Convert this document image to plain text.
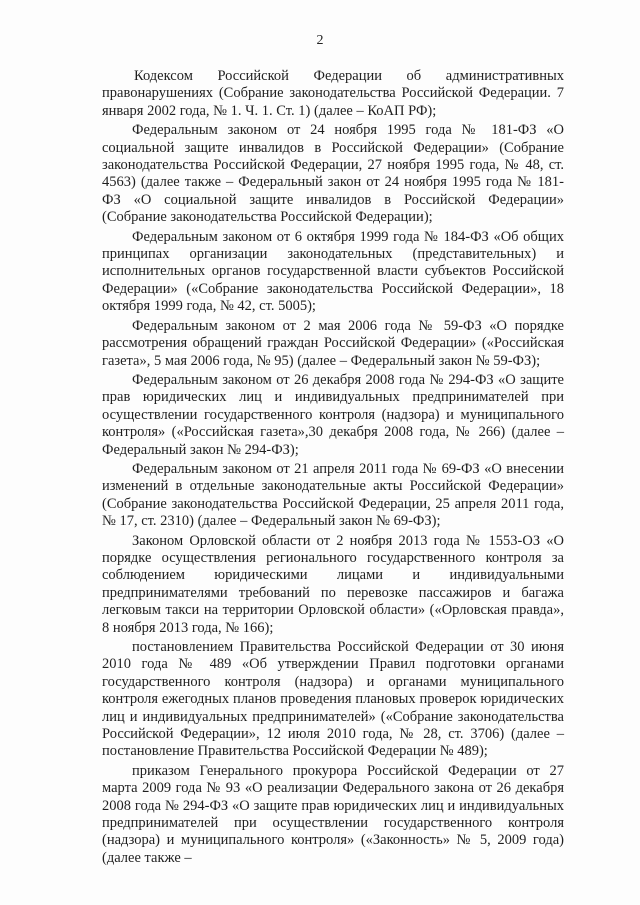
2

Кодексом Российской Федерации об административных правонарушениях (Собрание законодательства Российской Федерации. 7 января 2002 года, № 1. Ч. 1. Ст. 1) (далее – КоАП РФ);

Федеральным законом от 24 ноября 1995 года № 181-ФЗ «О социальной защите инвалидов в Российской Федерации» (Собрание законодательства Российской Федерации, 27 ноября 1995 года, № 48, ст. 4563) (далее также – Федеральный закон от 24 ноября 1995 года № 181-ФЗ «О социальной защите инвалидов в Российской Федерации» (Собрание законодательства Российской Федерации);

Федеральным законом от 6 октября 1999 года № 184-ФЗ «Об общих принципах организации законодательных (представительных) и исполнительных органов государственной власти субъектов Российской Федерации» («Собрание законодательства Российской Федерации», 18 октября 1999 года, № 42, ст. 5005);

Федеральным законом от 2 мая 2006 года № 59-ФЗ «О порядке рассмотрения обращений граждан Российской Федерации» («Российская газета», 5 мая 2006 года, № 95) (далее – Федеральный закон № 59-ФЗ);

Федеральным законом от 26 декабря 2008 года № 294-ФЗ «О защите прав юридических лиц и индивидуальных предпринимателей при осуществлении государственного контроля (надзора) и муниципального контроля» («Российская газета»,30 декабря 2008 года, № 266) (далее – Федеральный закон № 294-ФЗ);

Федеральным законом от 21 апреля 2011 года № 69-ФЗ «О внесении изменений в отдельные законодательные акты Российской Федерации» (Собрание законодательства Российской Федерации, 25 апреля 2011 года, № 17, ст. 2310) (далее – Федеральный закон № 69-ФЗ);

Законом Орловской области от 2 ноября 2013 года № 1553-ОЗ «О порядке осуществления регионального государственного контроля за соблюдением юридическими лицами и индивидуальными предпринимателями требований по перевозке пассажиров и багажа легковым такси на территории Орловской области» («Орловская правда», 8 ноября 2013 года, № 166);

постановлением Правительства Российской Федерации от 30 июня 2010 года № 489 «Об утверждении Правил подготовки органами государственного контроля (надзора) и органами муниципального контроля ежегодных планов проведения плановых проверок юридических лиц и индивидуальных предпринимателей» («Собрание законодательства Российской Федерации», 12 июля 2010 года, № 28, ст. 3706) (далее – постановление Правительства Российской Федерации № 489);

приказом Генерального прокурора Российской Федерации от 27 марта 2009 года № 93 «О реализации Федерального закона от 26 декабря 2008 года № 294-ФЗ «О защите прав юридических лиц и индивидуальных предпринимателей при осуществлении государственного контроля (надзора) и муниципального контроля» («Законность» № 5, 2009 года) (далее также –
